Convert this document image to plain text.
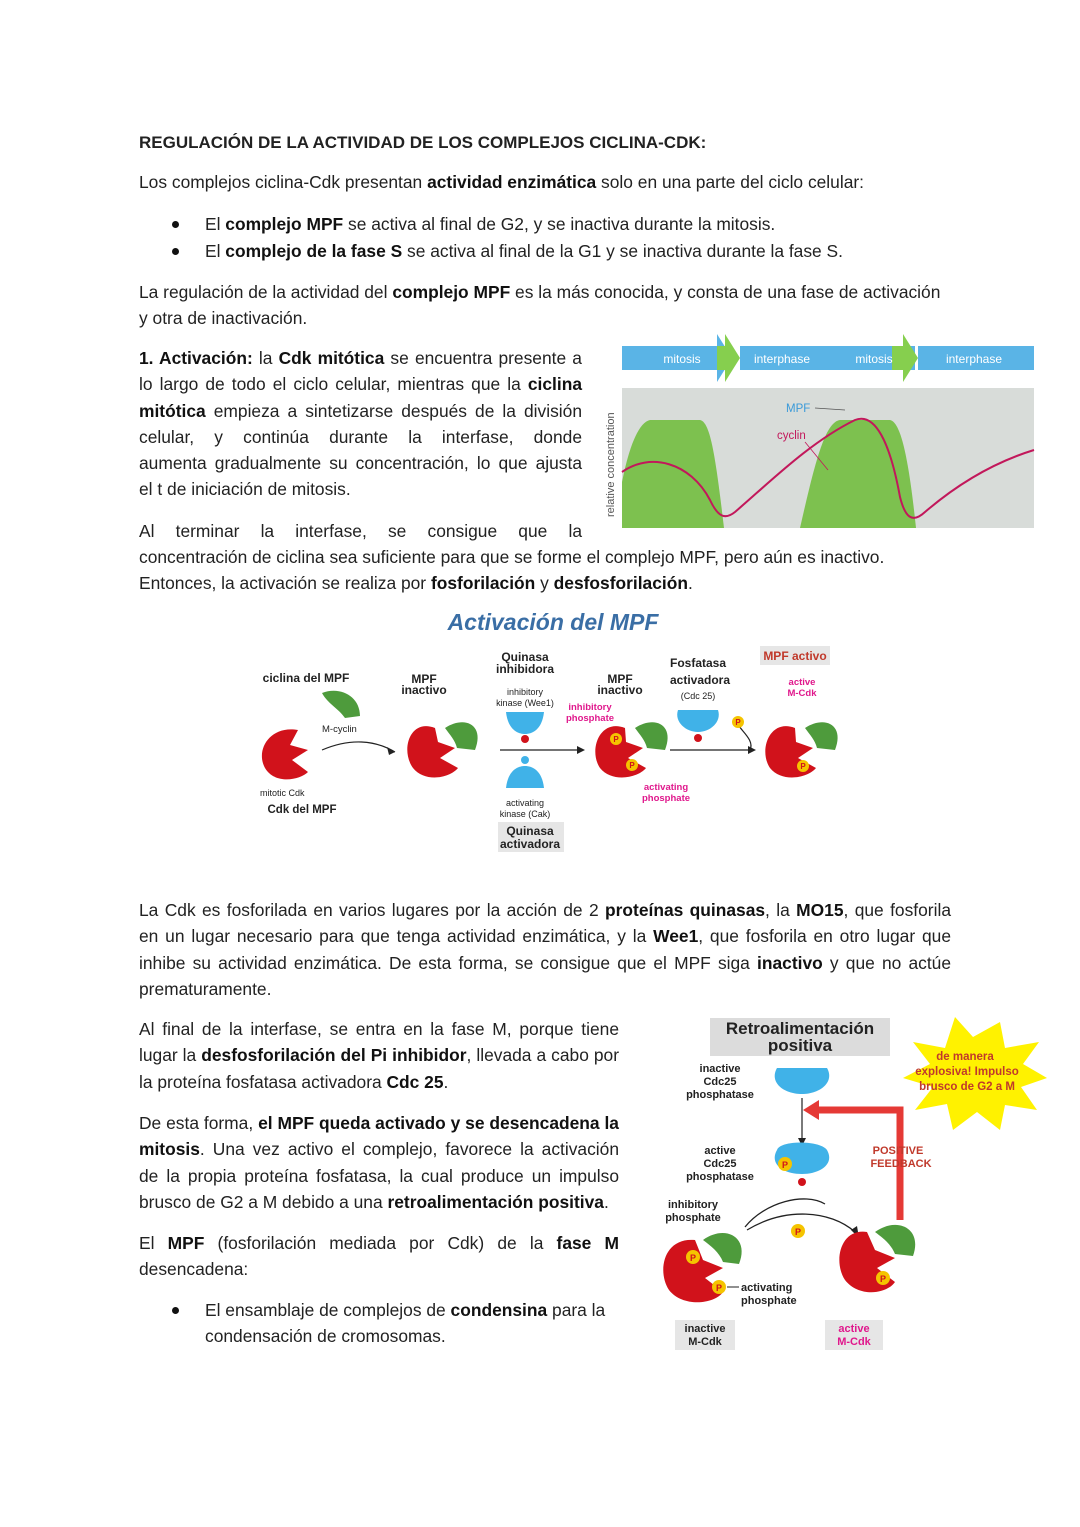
REGULACIÓN DE LA ACTIVIDAD DE LOS COMPLEJOS CICLINA-CDK:
Los complejos ciclina-Cdk presentan actividad enzimática solo en una parte del ciclo celular:
El complejo MPF se activa al final de G2, y se inactiva durante la mitosis.
El complejo de la fase S se activa al final de la G1 y se inactiva durante la fase S.
La regulación de la actividad del complejo MPF es la más conocida, y consta de una fase de activación
y otra de inactivación.
1. Activación: la Cdk mitótica se encuentra presente a
lo largo de todo el ciclo celular, mientras que la ciclina
mitótica empieza a sintetizarse después de la división
celular, y continúa durante la interfase, donde
aumenta gradualmente su concentración, lo que ajusta
el t de iniciación de mitosis.
mitosis	interphase	mitosis	interphase
MPF
cyclin
relative concentration
Al terminar la interfase, se consigue que la
concentración de ciclina sea suficiente para que se forme el complejo MPF, pero aún es inactivo.
Entonces, la activación se realiza por fosforilación y desfosforilación.
Activación del MPF
ciclina del MPF
M-cyclin
mitotic Cdk
Cdk del MPF
MPF
inactivo
Quinasa
inhibidora
inhibitory
kinase (Wee1)
activating
kinase (Cak)
Quinasa
activadora
MPF
inactivo
inhibitory
phosphate
P
P
activating
phosphate
Fosfatasa
activadora
(Cdc 25)
P
MPF activo
active
M-Cdk
P
La Cdk es fosforilada en varios lugares por la acción de 2 proteínas quinasas, la MO15, que fosforila
en un lugar necesario para que tenga actividad enzimática, y la Wee1, que fosforila en otro lugar que
inhibe su actividad enzimática. De esta forma, se consigue que el MPF siga inactivo y que no actúe
prematuramente.
Al final de la interfase, se entra en la fase M, porque tiene
lugar la desfosforilación del Pi inhibidor, llevada a cabo por
la proteína fosfatasa activadora Cdc 25.
De esta forma, el MPF queda activado y se desencadena la
mitosis. Una vez activo el complejo, favorece la activación
de la propia proteína fosfatasa, la cual produce un impulso
brusco de G2 a M debido a una retroalimentación positiva.
El MPF (fosforilación mediada por Cdk) de la fase M
desencadena:
El ensamblaje de complejos de condensina para la
condensación de cromosomas.
Retroalimentación
positiva
de manera
explosiva! Impulso
brusco de G2 a M
inactive
Cdc25
phosphatase
POSITIVE
FEEDBACK
active
Cdc25
phosphatase
P
inhibitory
phosphate
P
P
P activating
phosphate
P
inactive
M-Cdk
active
M-Cdk
